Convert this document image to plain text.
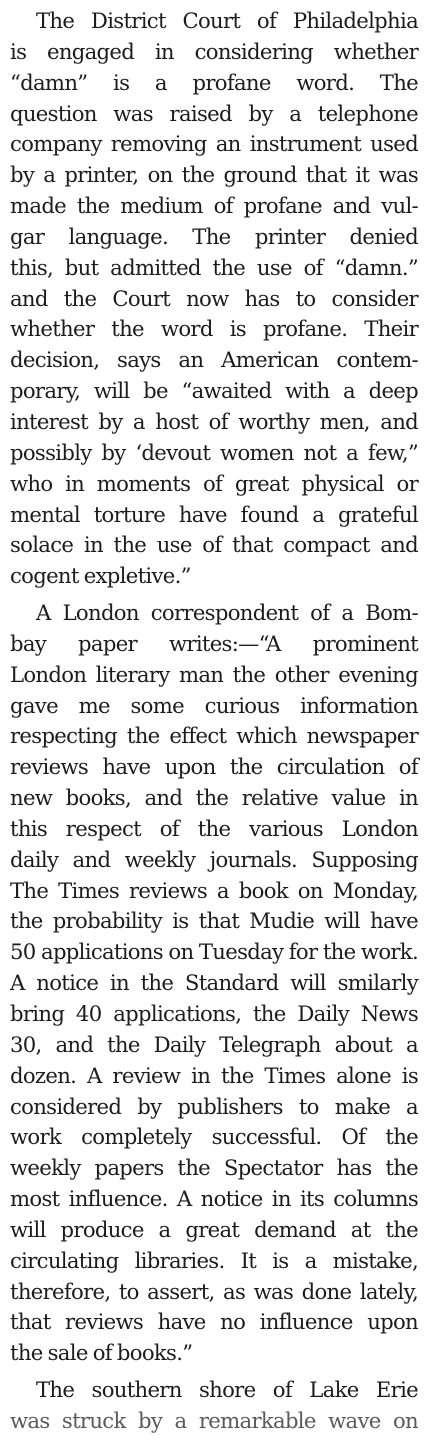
The District Court of Philadelphia
is engaged in considering whether
“damn” is a profane word. The
question was raised by a telephone
company removing an instrument used
by a printer, on the ground that it was
made the medium of profane and vul-
gar language. The printer denied
this, but admitted the use of “damn.”
and the Court now has to consider
whether the word is profane. Their
decision, says an American contem-
porary, will be “awaited with a deep
interest by a host of worthy men, and
possibly by ‘devout women not a few,”
who in moments of great physical or
mental torture have found a grateful
solace in the use of that compact and
cogent expletive.”
A London correspondent of a Bom-
bay paper writes:—“A prominent
London literary man the other evening
gave me some curious information
respecting the effect which newspaper
reviews have upon the circulation of
new books, and the relative value in
this respect of the various London
daily and weekly journals. Supposing
The Times reviews a book on Monday,
the probability is that Mudie will have
50 applications on Tuesday for the work.
A notice in the Standard will smilarly
bring 40 applications, the Daily News
30, and the Daily Telegraph about a
dozen. A review in the Times alone is
considered by publishers to make a
work completely successful. Of the
weekly papers the Spectator has the
most influence. A notice in its columns
will produce a great demand at the
circulating libraries. It is a mistake,
therefore, to assert, as was done lately,
that reviews have no influence upon
the sale of books.”
The southern shore of Lake Erie
was struck by a remarkable wave on
